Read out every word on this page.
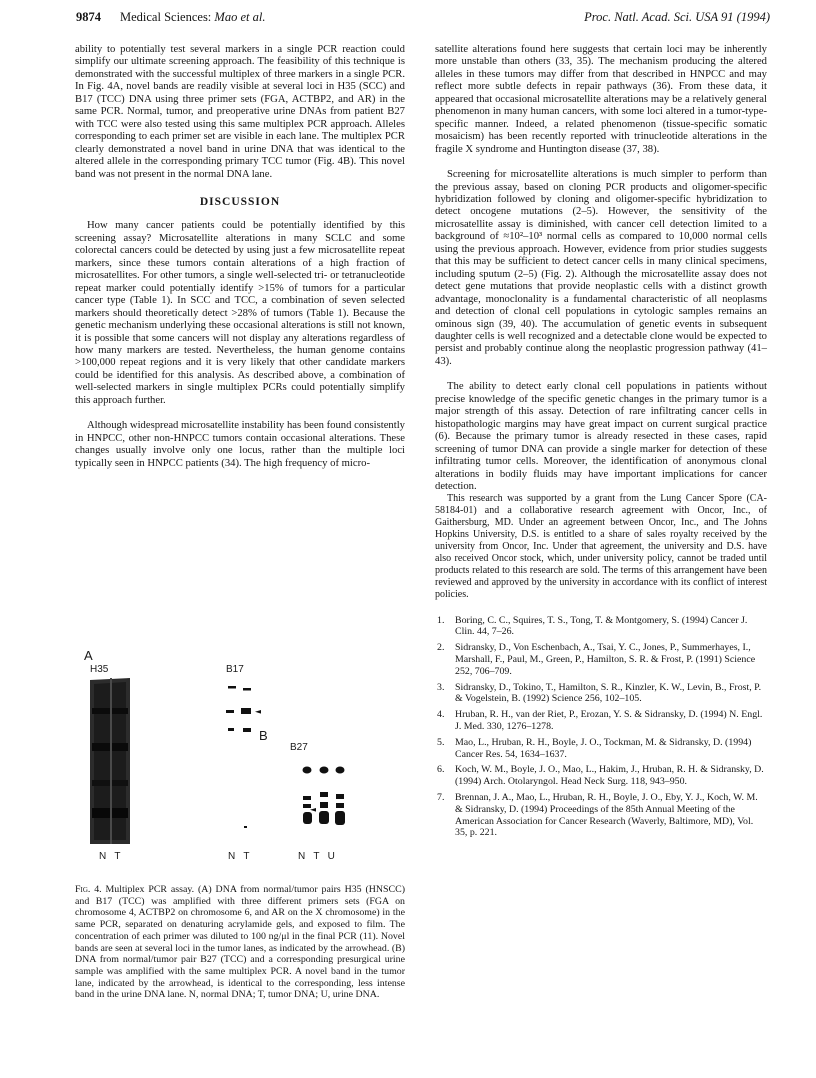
9874 Medical Sciences: Mao et al.	Proc. Natl. Acad. Sci. USA 91 (1994)

ability to potentially test several markers in a single PCR reaction could simplify our ultimate screening approach. The feasibility of this technique is demonstrated with the successful multiplex of three markers in a single PCR. In Fig. 4A, novel bands are readily visible at several loci in H35 (SCC) and B17 (TCC) DNA using three primer sets (FGA, ACTBP2, and AR) in the same PCR. Normal, tumor, and preoperative urine DNAs from patient B27 with TCC were also tested using this same multiplex PCR approach. Alleles corresponding to each primer set are visible in each lane. The multiplex PCR clearly demonstrated a novel band in urine DNA that was identical to the altered allele in the corresponding primary TCC tumor (Fig. 4B). This novel band was not present in the normal DNA lane.

DISCUSSION

How many cancer patients could be potentially identified by this screening assay? Microsatellite alterations in many SCLC and some colorectal cancers could be detected by using just a few microsatellite repeat markers, since these tumors contain alterations of a high fraction of microsatellites. For other tumors, a single well-selected tri- or tetranucleotide repeat marker could potentially identify >15% of tumors for a particular cancer type (Table 1). In SCC and TCC, a combination of seven selected markers should theoretically detect >28% of tumors (Table 1). Because the genetic mechanism underlying these occasional alterations is still not known, it is possible that some cancers will not display any alterations regardless of how many markers are tested. Nevertheless, the human genome contains >100,000 repeat regions and it is very likely that other candidate markers could be identified for this analysis. As described above, a combination of well-selected markers in single multiplex PCRs could potentially simplify this approach further.

Although widespread microsatellite instability has been found consistently in HNPCC, other non-HNPCC tumors contain occasional alterations. These changes usually involve only one locus, rather than the multiple loci typically seen in HNPCC patients (34). The high frequency of micro-

A
H35	B17
B
B27
N   T	N   T	N   T   U
Fig. 4. Multiplex PCR assay. (A) DNA from normal/tumor pairs H35 (HNSCC) and B17 (TCC) was amplified with three different primers sets (FGA on chromosome 4, ACTBP2 on chromosome 6, and AR on the X chromosome) in the same PCR, separated on denaturing acrylamide gels, and exposed to film. The concentration of each primer was diluted to 100 ng/μl in the final PCR (11). Novel bands are seen at several loci in the tumor lanes, as indicated by the arrowhead. (B) DNA from normal/tumor pair B27 (TCC) and a corresponding presurgical urine sample was amplified with the same multiplex PCR. A novel band in the tumor lane, indicated by the arrowhead, is identical to the corresponding, less intense band in the urine DNA lane. N, normal DNA; T, tumor DNA; U, urine DNA.

satellite alterations found here suggests that certain loci may be inherently more unstable than others (33, 35). The mechanism producing the altered alleles in these tumors may differ from that described in HNPCC and may reflect more subtle defects in repair pathways (36). From these data, it appeared that occasional microsatellite alterations may be a relatively general phenomenon in many human cancers, with some loci altered in a tumor-type-specific manner. Indeed, a related phenomenon (tissue-specific somatic mosaicism) has been recently reported with trinucleotide alterations in the fragile X syndrome and Huntington disease (37, 38).

Screening for microsatellite alterations is much simpler to perform than the previous assay, based on cloning PCR products and oligomer-specific hybridization followed by cloning and oligomer-specific hybridization to detect oncogene mutations (2–5). However, the sensitivity of the microsatellite assay is diminished, with cancer cell detection limited to a background of ≈10²–10³ normal cells as compared to 10,000 normal cells using the previous approach. However, evidence from prior studies suggests that this may be sufficient to detect cancer cells in many clinical specimens, including sputum (2–5) (Fig. 2). Although the microsatellite assay does not detect gene mutations that provide neoplastic cells with a distinct growth advantage, monoclonality is a fundamental characteristic of all neoplasms and detection of clonal cell populations in cytologic samples remains an ominous sign (39, 40). The accumulation of genetic events in subsequent daughter cells is well recognized and a detectable clone would be expected to persist and probably continue along the neoplastic progression pathway (41–43).

The ability to detect early clonal cell populations in patients without precise knowledge of the specific genetic changes in the primary tumor is a major strength of this assay. Detection of rare infiltrating cancer cells in histopathologic margins may have great impact on current surgical practice (6). Because the primary tumor is already resected in these cases, rapid screening of tumor DNA can provide a single marker for detection of these infiltrating tumor cells. Moreover, the identification of anonymous clonal alterations in bodily fluids may have important implications for cancer detection.

This research was supported by a grant from the Lung Cancer Spore (CA-58184-01) and a collaborative research agreement with Oncor, Inc., of Gaithersburg, MD. Under an agreement between Oncor, Inc., and The Johns Hopkins University, D.S. is entitled to a share of sales royalty received by the university from Oncor, Inc. Under that agreement, the university and D.S. have also received Oncor stock, which, under university policy, cannot be traded until products related to this research are sold. The terms of this arrangement have been reviewed and approved by the university in accordance with its conflict of interest policies.

1. Boring, C. C., Squires, T. S., Tong, T. & Montgomery, S. (1994) Cancer J. Clin. 44, 7–26.
2. Sidransky, D., Von Eschenbach, A., Tsai, Y. C., Jones, P., Summerhayes, I., Marshall, F., Paul, M., Green, P., Hamilton, S. R. & Frost, P. (1991) Science 252, 706–709.
3. Sidransky, D., Tokino, T., Hamilton, S. R., Kinzler, K. W., Levin, B., Frost, P. & Vogelstein, B. (1992) Science 256, 102–105.
4. Hruban, R. H., van der Riet, P., Erozan, Y. S. & Sidransky, D. (1994) N. Engl. J. Med. 330, 1276–1278.
5. Mao, L., Hruban, R. H., Boyle, J. O., Tockman, M. & Sidransky, D. (1994) Cancer Res. 54, 1634–1637.
6. Koch, W. M., Boyle, J. O., Mao, L., Hakim, J., Hruban, R. H. & Sidransky, D. (1994) Arch. Otolaryngol. Head Neck Surg. 118, 943–950.
7. Brennan, J. A., Mao, L., Hruban, R. H., Boyle, J. O., Eby, Y. J., Koch, W. M. & Sidransky, D. (1994) Proceedings of the 85th Annual Meeting of the American Association for Cancer Research (Waverly, Baltimore, MD), Vol. 35, p. 221.
